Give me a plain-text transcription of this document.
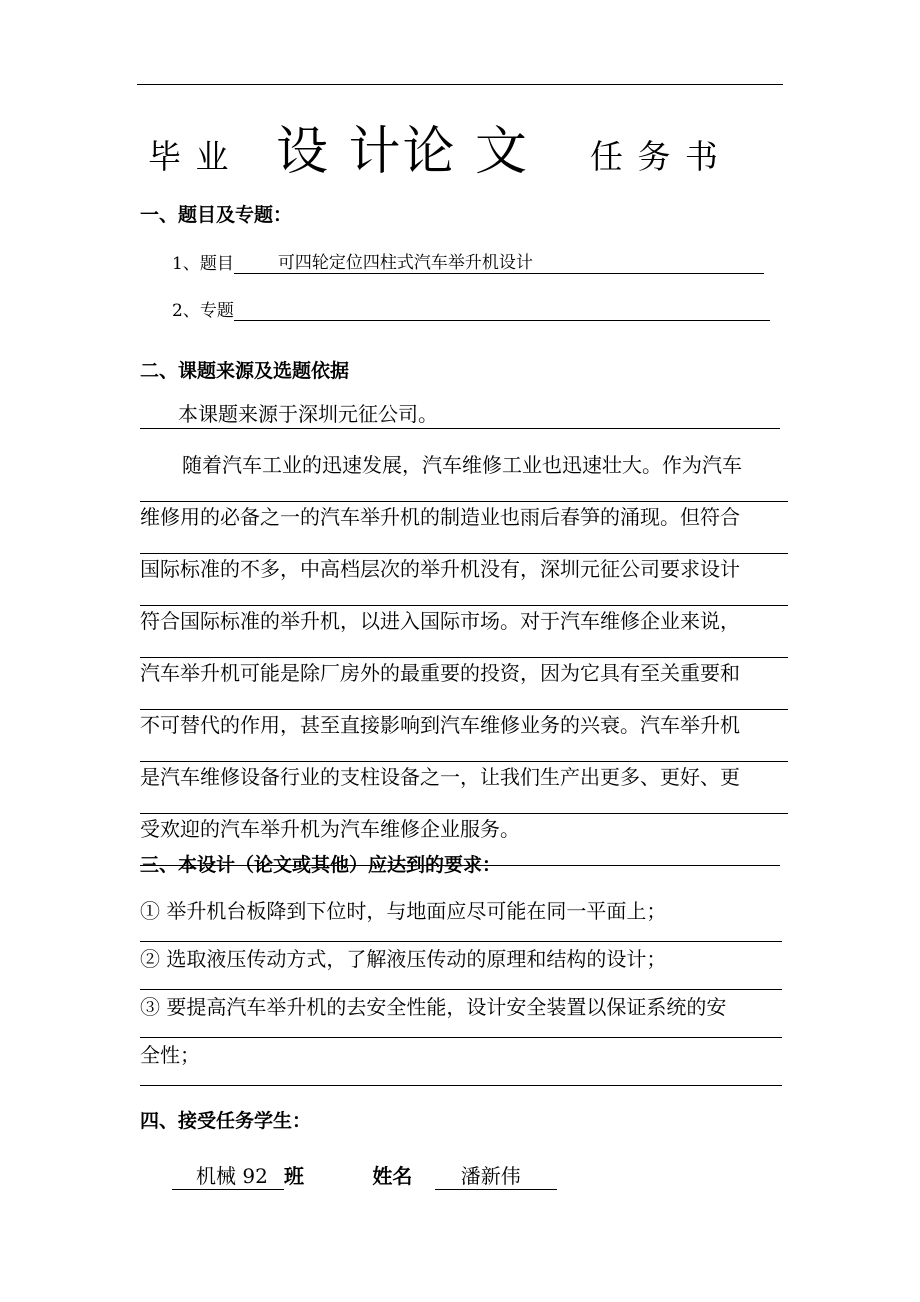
毕 业 设 计论 文 任 务 书
一、题目及专题：
1、题目	可四轮定位四柱式汽车举升机设计
2、专题
二、课题来源及选题依据
本课题来源于深圳元征公司。
随着汽车工业的迅速发展，汽车维修工业也迅速壮大。作为汽车
维修用的必备之一的汽车举升机的制造业也雨后春笋的涌现。但符合
国际标准的不多，中高档层次的举升机没有，深圳元征公司要求设计
符合国际标准的举升机，以进入国际市场。对于汽车维修企业来说，
汽车举升机可能是除厂房外的最重要的投资，因为它具有至关重要和
不可替代的作用，甚至直接影响到汽车维修业务的兴衰。汽车举升机
是汽车维修设备行业的支柱设备之一，让我们生产出更多、更好、更
受欢迎的汽车举升机为汽车维修企业服务。
三、本设计（论文或其他）应达到的要求：
① 举升机台板降到下位时，与地面应尽可能在同一平面上；
② 选取液压传动方式，了解液压传动的原理和结构的设计；
③ 要提高汽车举升机的去安全性能，设计安全装置以保证系统的安
全性；
四、接受任务学生：
机械 92 班	姓名 潘新伟
